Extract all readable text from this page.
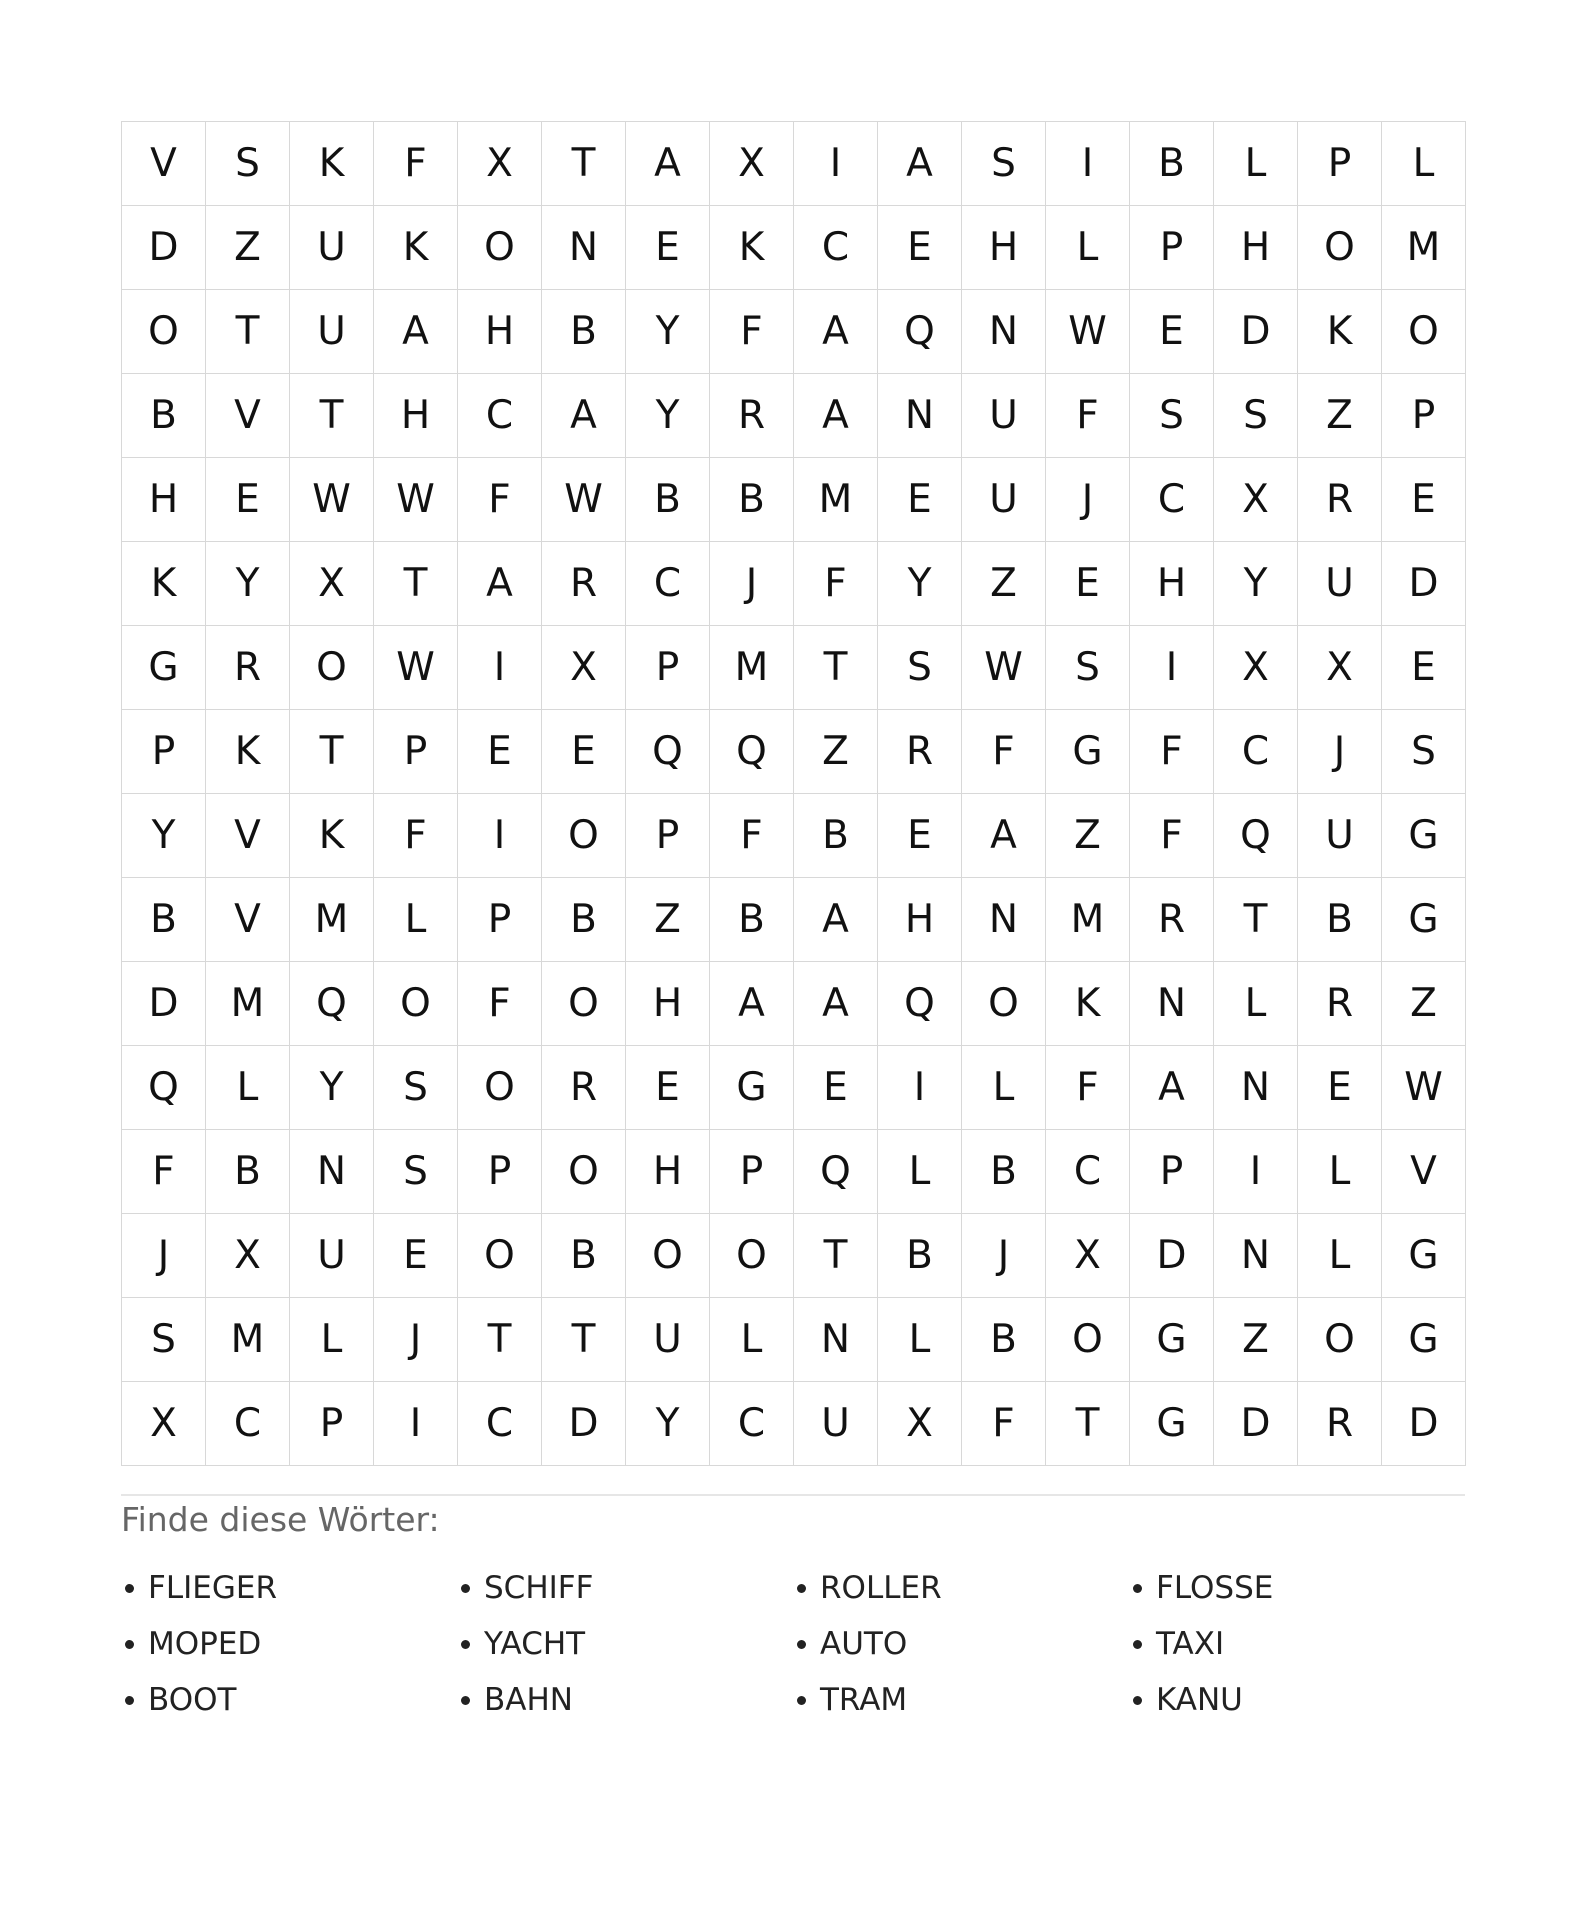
V	S	K	F	X	T	A	X	I	A	S	I	B	L	P	L
D	Z	U	K	O	N	E	K	C	E	H	L	P	H	O	M
O	T	U	A	H	B	Y	F	A	Q	N	W	E	D	K	O
B	V	T	H	C	A	Y	R	A	N	U	F	S	S	Z	P
H	E	W	W	F	W	B	B	M	E	U	J	C	X	R	E
K	Y	X	T	A	R	C	J	F	Y	Z	E	H	Y	U	D
G	R	O	W	I	X	P	M	T	S	W	S	I	X	X	E
P	K	T	P	E	E	Q	Q	Z	R	F	G	F	C	J	S
Y	V	K	F	I	O	P	F	B	E	A	Z	F	Q	U	G
B	V	M	L	P	B	Z	B	A	H	N	M	R	T	B	G
D	M	Q	O	F	O	H	A	A	Q	O	K	N	L	R	Z
Q	L	Y	S	O	R	E	G	E	I	L	F	A	N	E	W
F	B	N	S	P	O	H	P	Q	L	B	C	P	I	L	V
J	X	U	E	O	B	O	O	T	B	J	X	D	N	L	G
S	M	L	J	T	T	U	L	N	L	B	O	G	Z	O	G
X	C	P	I	C	D	Y	C	U	X	F	T	G	D	R	D
Finde diese Wörter:
FLIEGER	SCHIFF	ROLLER	FLOSSE
MOPED	YACHT	AUTO	TAXI
BOOT	BAHN	TRAM	KANU
